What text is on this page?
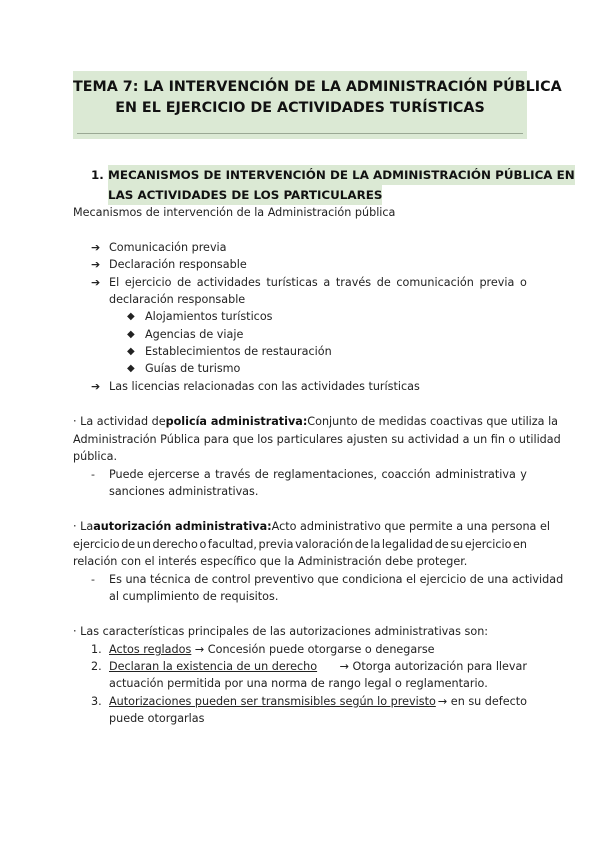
TEMA 7: LA INTERVENCIÓN DE LA ADMINISTRACIÓN PÚBLICA
EN EL EJERCICIO DE ACTIVIDADES TURÍSTICAS
1. MECANISMOS DE INTERVENCIÓN DE LA ADMINISTRACIÓN PÚBLICA EN
LAS ACTIVIDADES DE LOS PARTICULARES
Mecanismos de intervención de la Administración pública
➔ Comunicación previa
➔ Declaración responsable
➔ El ejercicio de actividades turísticas a través de comunicación previa o
declaración responsable
◆ Alojamientos turísticos
◆ Agencias de viaje
◆ Establecimientos de restauración
◆ Guías de turismo
➔ Las licencias relacionadas con las actividades turísticas
· La actividad de policía administrativa: Conjunto de medidas coactivas que utiliza la
Administración Pública para que los particulares ajusten su actividad a un fin o utilidad
pública.
- Puede ejercerse a través de reglamentaciones, coacción administrativa y
sanciones administrativas.
· La autorización administrativa: Acto administrativo que permite a una persona el
ejercicio de un derecho o facultad, previa valoración de la legalidad de su ejercicio en
relación con el interés específico que la Administración debe proteger.
- Es una técnica de control preventivo que condiciona el ejercicio de una actividad
al cumplimiento de requisitos.
· Las características principales de las autorizaciones administrativas son:
1. Actos reglados → Concesión puede otorgarse o denegarse
2. Declaran la existencia de un derecho → Otorga autorización para llevar
actuación permitida por una norma de rango legal o reglamentario.
3. Autorizaciones pueden ser transmisibles según lo previsto → en su defecto
puede otorgarlas
